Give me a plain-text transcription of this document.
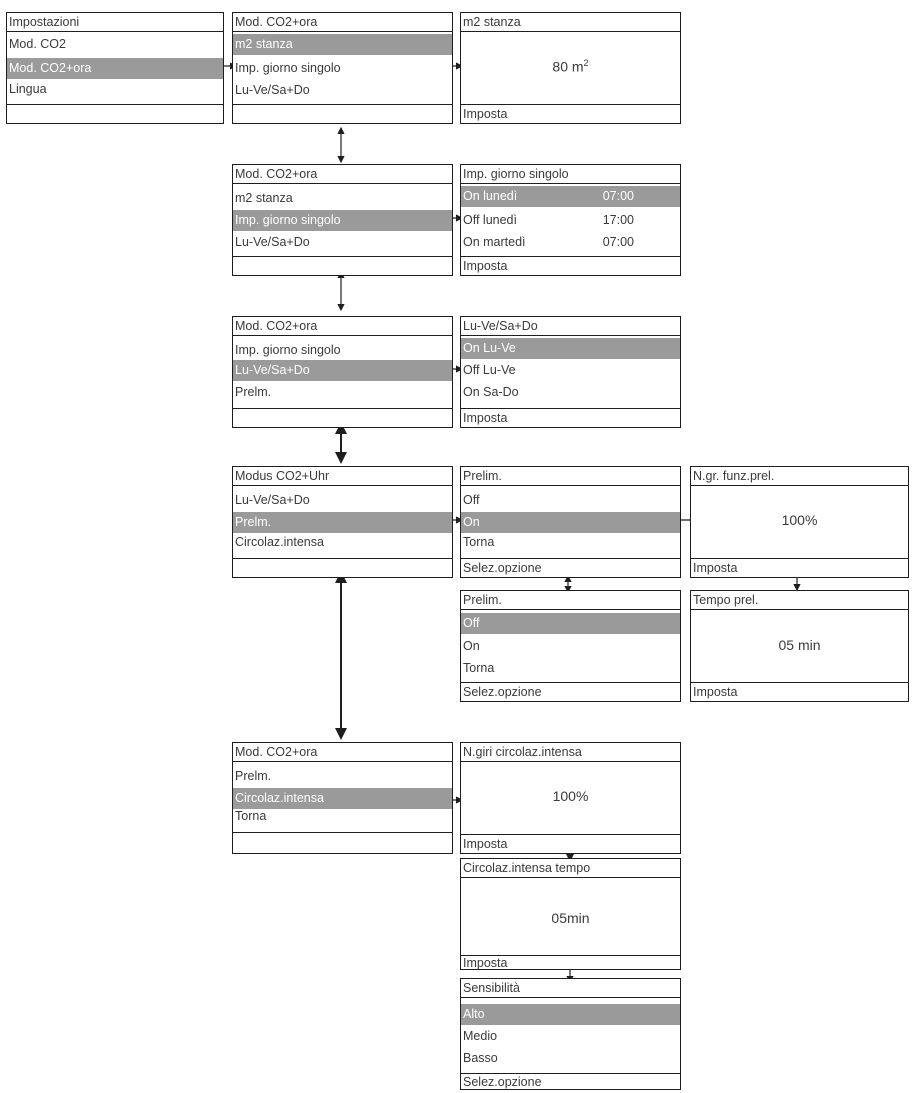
Impostazioni
Mod. CO2
Mod. CO2+ora
Lingua
Mod. CO2+ora
m2 stanza
Imp. giorno singolo
Lu-Ve/Sa+Do
m2 stanza
80 $m^2$
Imposta
Mod. CO2+ora
m2 stanza
Imp. giorno singolo
Lu-Ve/Sa+Do
Imp. giorno singolo
On lunedì	07:00
Off lunedì	17:00
On martedì	07:00
Imposta
Mod. CO2+ora
Imp. giorno singolo
Lu-Ve/Sa+Do
Prelm.
Lu-Ve/Sa+Do
On Lu-Ve
Off Lu-Ve
On Sa-Do
Imposta
Modus CO2+Uhr
Lu-Ve/Sa+Do
Prelm.
Circolaz.intensa
Prelim.
Off
On
Torna
Selez.opzione
N.gr. funz.prel.
100%
Imposta
Prelim.
Off
On
Torna
Selez.opzione
Tempo prel.
05 min
Imposta
Mod. CO2+ora
Prelm.
Circolaz.intensa
Torna
N.giri circolaz.intensa
100%
Imposta
Circolaz.intensa tempo
05min
Imposta
Sensibilità
Alto
Medio
Basso
Selez.opzione
